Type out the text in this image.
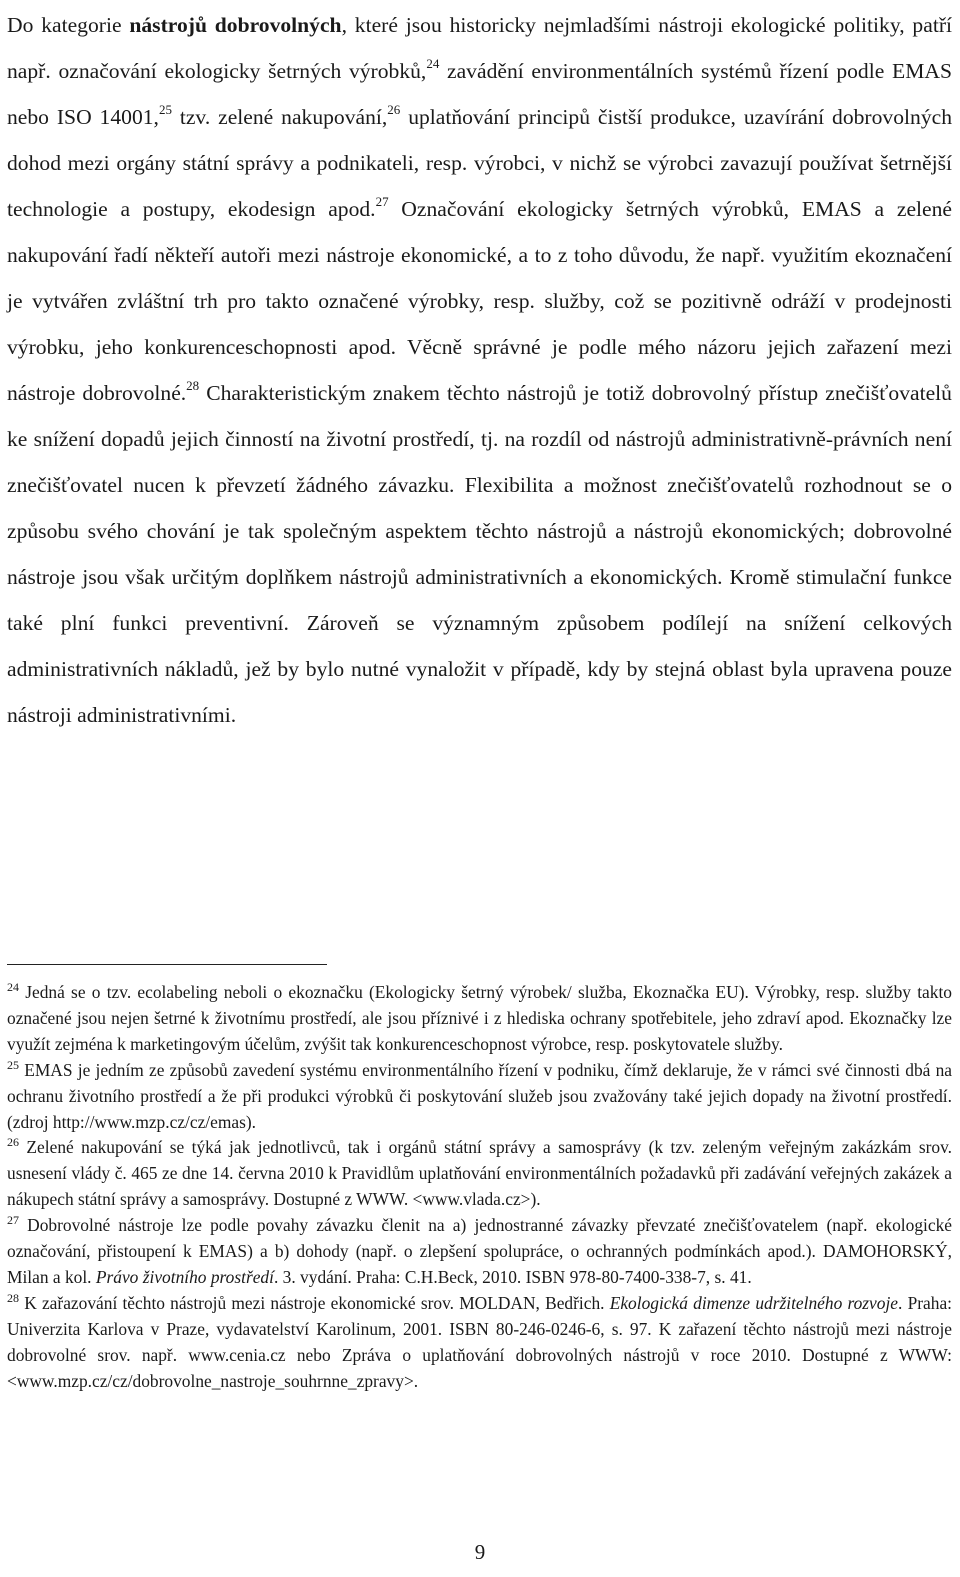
Do kategorie nástrojů dobrovolných, které jsou historicky nejmladšími nástroji ekologické politiky, patří např. označování ekologicky šetrných výrobků,$^{24}$ zavádění environmentálních systémů řízení podle EMAS nebo ISO 14001,25 tzv. zelené nakupování,$^{26}$ uplatňování principů čistší produkce, uzavírání dobrovolných dohod mezi orgány státní správy a podnikateli, resp. výrobci, v nichž se výrobci zavazují používat šetrnější technologie a postupy, ekodesign apod.$^{27}$ Označování ekologicky šetrných výrobků, EMAS a zelené nakupování řadí někteří autoři mezi nástroje ekonomické, a to z toho důvodu, že např. využitím ekoznačení je vytvářen zvláštní trh pro takto označené výrobky, resp. služby, což se pozitivně odráží v prodejnosti výrobku, jeho konkurenceschopnosti apod. Věcně správné je podle mého názoru jejich zařazení mezi nástroje dobrovolné.$^{28}$ Charakteristickým znakem těchto nástrojů je totiž dobrovolný přístup znečišťovatelů ke snížení dopadů jejich činností na životní prostředí, tj. na rozdíl od nástrojů administrativně-právních není znečišťovatel nucen k převzetí žádného závazku. Flexibilita a možnost znečišťovatelů rozhodnout se o způsobu svého chování je tak společným aspektem těchto nástrojů a nástrojů ekonomických; dobrovolné nástroje jsou však určitým doplňkem nástrojů administrativních a ekonomických. Kromě stimulační funkce také plní funkci preventivní. Zároveň se významným způsobem podílejí na snížení celkových administrativních nákladů, jež by bylo nutné vynaložit v případě, kdy by stejná oblast byla upravena pouze nástroji administrativními.

$^{24}$ Jedná se o tzv. ecolabeling neboli o ekoznačku (Ekologicky šetrný výrobek/ služba, Ekoznačka EU). Výrobky, resp. služby takto označené jsou nejen šetrné k životnímu prostředí, ale jsou příznivé i z hlediska ochrany spotřebitele, jeho zdraví apod. Ekoznačky lze využít zejména k marketingovým účelům, zvýšit tak konkurenceschopnost výrobce, resp. poskytovatele služby.

$^{25}$ EMAS je jedním ze způsobů zavedení systému environmentálního řízení v podniku, čímž deklaruje, že v rámci své činnosti dbá na ochranu životního prostředí a že při produkci výrobků či poskytování služeb jsou zvažovány také jejich dopady na životní prostředí. (zdroj http://www.mzp.cz/cz/emas).

$^{26}$ Zelené nakupování se týká jak jednotlivců, tak i orgánů státní správy a samosprávy (k tzv. zeleným veřejným zakázkám srov. usnesení vlády č. 465 ze dne 14. června 2010 k Pravidlům uplatňování environmentálních požadavků při zadávání veřejných zakázek a nákupech státní správy a samosprávy. Dostupné z WWW. <www.vlada.cz>).

$^{27}$ Dobrovolné nástroje lze podle povahy závazku členit na a) jednostranné závazky převzaté znečišťovatelem (např. ekologické označování, přistoupení k EMAS) a b) dohody (např. o zlepšení spolupráce, o ochranných podmínkách apod.). DAMOHORSKÝ, Milan a kol. Právo životního prostředí. 3. vydání. Praha: C.H.Beck, 2010. ISBN 978-80-7400-338-7, s. 41.

$^{28}$ K zařazování těchto nástrojů mezi nástroje ekonomické srov. MOLDAN, Bedřich. Ekologická dimenze udržitelného rozvoje. Praha: Univerzita Karlova v Praze, vydavatelství Karolinum, 2001. ISBN 80-246-0246-6, s. 97. K zařazení těchto nástrojů mezi nástroje dobrovolné srov. např. www.cenia.cz nebo Zpráva o uplatňování dobrovolných nástrojů v roce 2010. Dostupné z WWW: <www.mzp.cz/cz/dobrovolne_nastroje_souhrnne_zpravy>.

9
